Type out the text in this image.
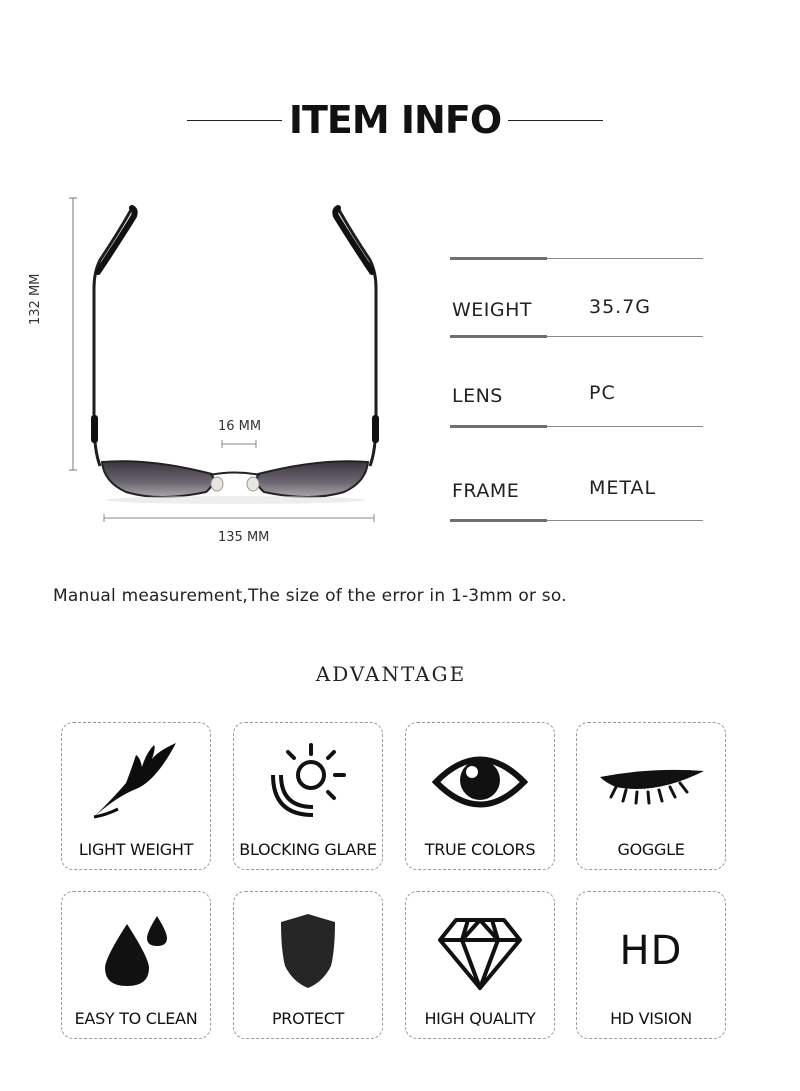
ITEM INFO
132 MM
16 MM
135 MM
WEIGHT	35.7G
LENS	PC
FRAME	METAL
Manual measurement,The size of the error in 1-3mm or so.
ADVANTAGE
LIGHT WEIGHT	BLOCKING GLARE	TRUE COLORS	GOGGLE
EASY TO CLEAN	PROTECT	HIGH QUALITY
HD
HD VISION
